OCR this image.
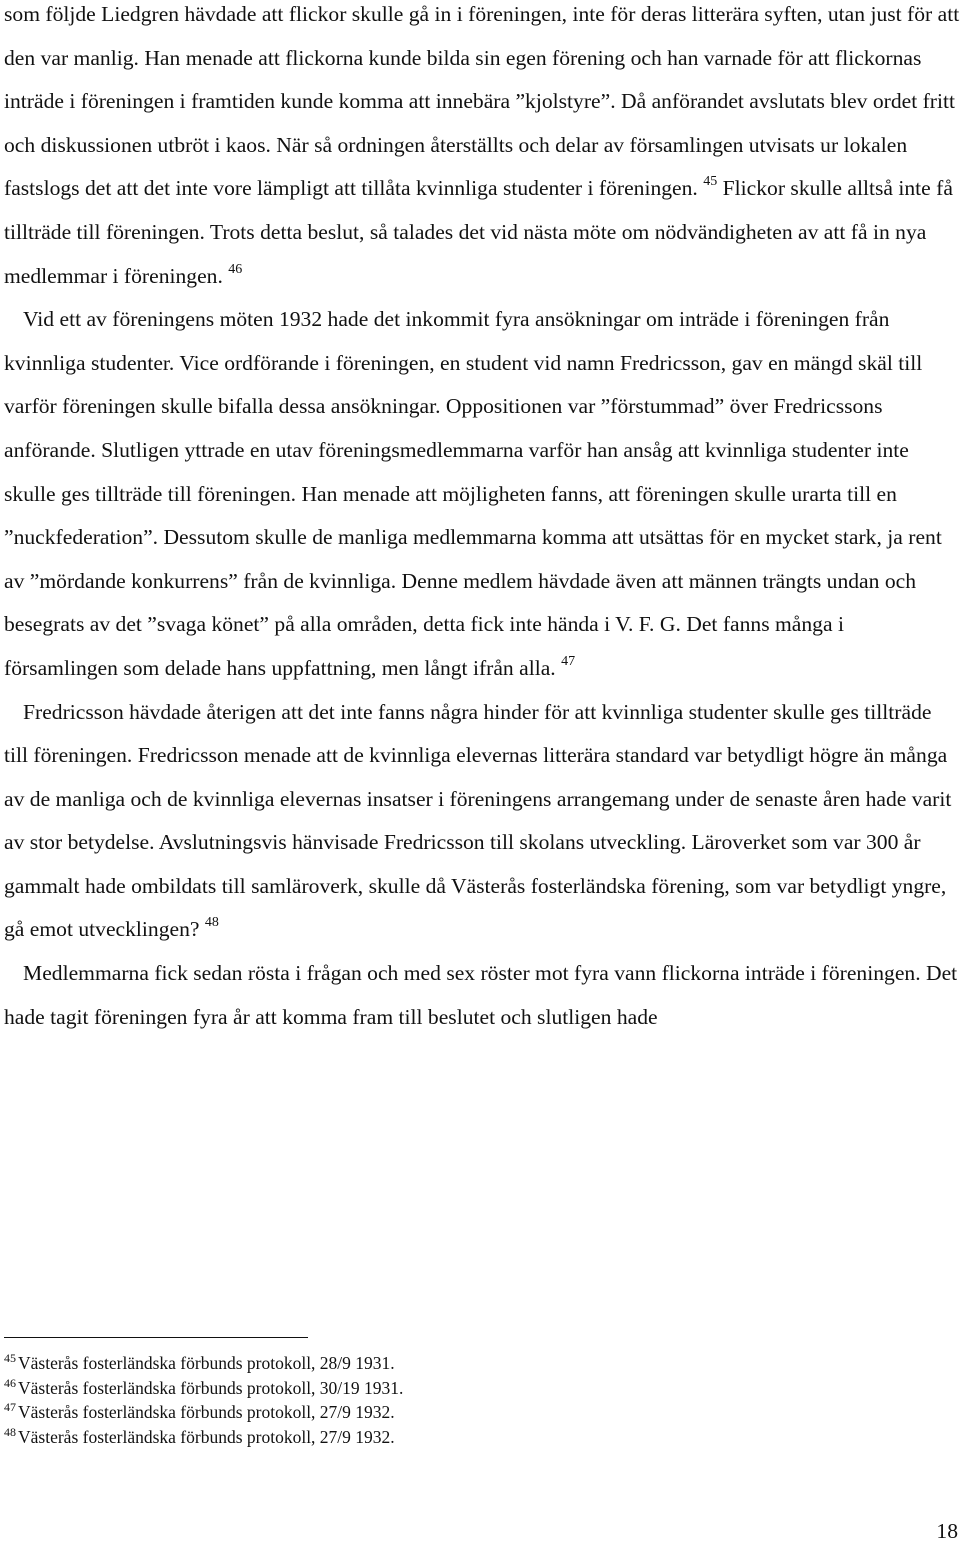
som följde Liedgren hävdade att flickor skulle gå in i föreningen, inte för deras litterära syften, utan just för att den var manlig. Han menade att flickorna kunde bilda sin egen förening och han varnade för att flickornas inträde i föreningen i framtiden kunde komma att innebära ”kjolstyre”. Då anförandet avslutats blev ordet fritt och diskussionen utbröt i kaos. När så ordningen återställts och delar av församlingen utvisats ur lokalen fastslogs det att det inte vore lämpligt att tillåta kvinnliga studenter i föreningen. $^{45}$ Flickor skulle alltså inte få tillträde till föreningen. Trots detta beslut, så talades det vid nästa möte om nödvändigheten av att få in nya medlemmar i föreningen. $^{46}$

Vid ett av föreningens möten 1932 hade det inkommit fyra ansökningar om inträde i föreningen från kvinnliga studenter. Vice ordförande i föreningen, en student vid namn Fredricsson, gav en mängd skäl till varför föreningen skulle bifalla dessa ansökningar. Oppositionen var ”förstummad” över Fredricssons anförande. Slutligen yttrade en utav föreningsmedlemmarna varför han ansåg att kvinnliga studenter inte skulle ges tillträde till föreningen. Han menade att möjligheten fanns, att föreningen skulle urarta till en ”nuckfederation”. Dessutom skulle de manliga medlemmarna komma att utsättas för en mycket stark, ja rent av ”mördande konkurrens” från de kvinnliga. Denne medlem hävdade även att männen trängts undan och besegrats av det ”svaga könet” på alla områden, detta fick inte hända i V. F. G. Det fanns många i församlingen som delade hans uppfattning, men långt ifrån alla. $^{47}$

Fredricsson hävdade återigen att det inte fanns några hinder för att kvinnliga studenter skulle ges tillträde till föreningen. Fredricsson menade att de kvinnliga elevernas litterära standard var betydligt högre än många av de manliga och de kvinnliga elevernas insatser i föreningens arrangemang under de senaste åren hade varit av stor betydelse. Avslutningsvis hänvisade Fredricsson till skolans utveckling. Läroverket som var 300 år gammalt hade ombildats till samläroverk, skulle då Västerås fosterländska förening, som var betydligt yngre, gå emot utvecklingen? $^{48}$

Medlemmarna fick sedan rösta i frågan och med sex röster mot fyra vann flickorna inträde i föreningen. Det hade tagit föreningen fyra år att komma fram till beslutet och slutligen hade

$^{45}$ Västerås fosterländska förbunds protokoll, 28/9 1931.

$^{46}$ Västerås fosterländska förbunds protokoll, 30/19 1931.

$^{47}$ Västerås fosterländska förbunds protokoll, 27/9 1932.

$^{48}$ Västerås fosterländska förbunds protokoll, 27/9 1932.

18
